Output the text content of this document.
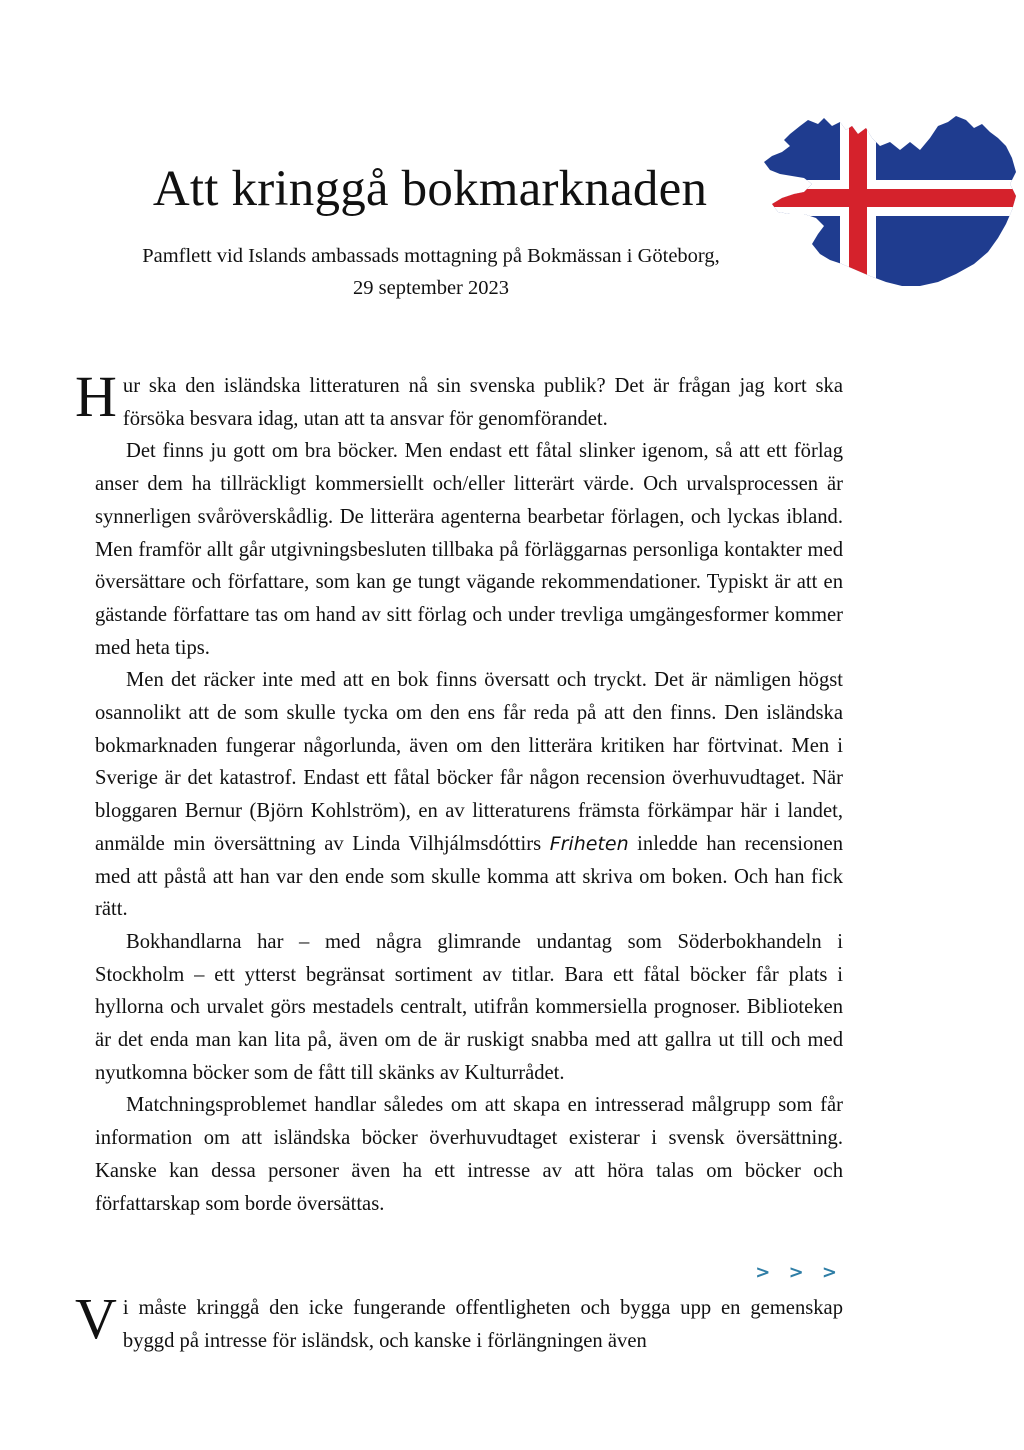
Att kringgå bokmarknaden
Pamflett vid Islands ambassads mottagning på Bokmässan i Göteborg,
29 september 2023

Hur ska den isländska litteraturen nå sin svenska publik? Det är frågan jag kort ska försöka besvara idag, utan att ta ansvar för genomförandet.

Det finns ju gott om bra böcker. Men endast ett fåtal slinker igenom, så att ett förlag anser dem ha tillräckligt kommersiellt och/eller litterärt värde. Och urvalsprocessen är synnerligen svåröverskådlig. De litterära agenterna bearbetar förlagen, och lyckas ibland. Men framför allt går utgivningsbesluten tillbaka på förläggarnas personliga kontakter med översättare och författare, som kan ge tungt vägande rekommendationer. Typiskt är att en gästande författare tas om hand av sitt förlag och under trevliga umgängesformer kommer med heta tips.

Men det räcker inte med att en bok finns översatt och tryckt. Det är nämligen högst osannolikt att de som skulle tycka om den ens får reda på att den finns. Den isländska bokmarknaden fungerar någorlunda, även om den litterära kritiken har förtvinat. Men i Sverige är det katastrof. Endast ett fåtal böcker får någon recension överhuvudtaget. När bloggaren Bernur (Björn Kohlström), en av litteraturens främsta förkämpar här i landet, anmälde min översättning av Linda Vilhjálmsdóttirs Friheten inledde han recensionen med att påstå att han var den ende som skulle komma att skriva om boken. Och han fick rätt.

Bokhandlarna har – med några glimrande undantag som Söderbokhandeln i Stockholm – ett ytterst begränsat sortiment av titlar. Bara ett fåtal böcker får plats i hyllorna och urvalet görs mestadels centralt, utifrån kommersiella prognoser. Biblioteken är det enda man kan lita på, även om de är ruskigt snabba med att gallra ut till och med nyutkomna böcker som de fått till skänks av Kulturrådet.

Matchningsproblemet handlar således om att skapa en intresserad målgrupp som får information om att isländska böcker överhuvudtaget existerar i svensk översättning. Kanske kan dessa personer även ha ett intresse av att höra talas om böcker och författarskap som borde översättas.

> > >

Vi måste kringgå den icke fungerande offentligheten och bygga upp en gemenskap byggd på intresse för isländsk, och kanske i förlängningen även
